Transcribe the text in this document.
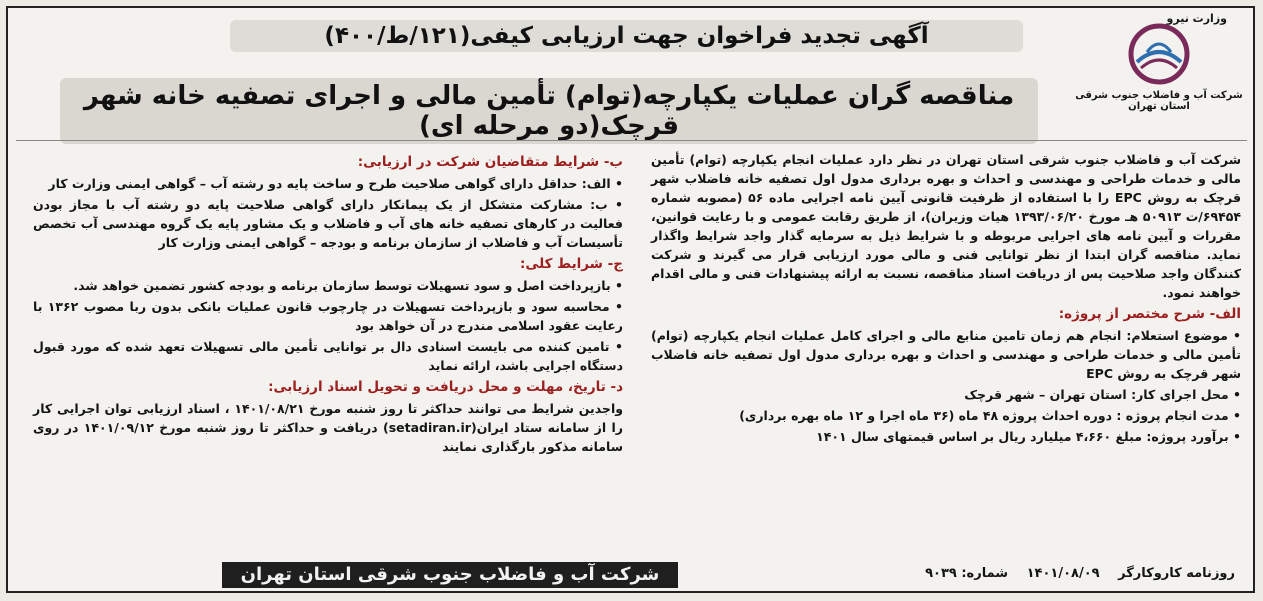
وزارت نیرو
شرکت آب و فاضلاب جنوب شرقی استان تهران
آگهی تجدید فراخوان جهت ارزیابی کیفی(۱۲۱/ط/۴۰۰)
مناقصه گران عملیات یکپارچه(توام) تأمین مالی و اجرای تصفیه خانه شهر قرچک(دو مرحله ای)

شرکت آب و فاضلاب جنوب شرقی استان تهران در نظر دارد عملیات انجام یکپارچه (توام) تأمین مالی و خدمات طراحی و مهندسی و احداث و بهره برداری مدول اول تصفیه خانه فاضلاب شهر قرچک به روش EPC را با استفاده از ظرفیت قانونی آیین نامه اجرایی ماده ۵۶ (مصوبه شماره ۶۹۴۵۴/ت ۵۰۹۱۳ هـ مورخ ۱۳۹۳/۰۶/۲۰ هیات وزیران)، از طریق رقابت عمومی و با رعایت قوانین، مقررات و آیین نامه های اجرایی مربوطه و با شرایط ذیل به سرمایه گذار واجد شرایط واگذار نماید. مناقصه گران ابتدا از نظر توانایی فنی و مالی مورد ارزیابی قرار می گیرند و شرکت کنندگان واجد صلاحیت پس از دریافت اسناد مناقصه، نسبت به ارائه پیشنهادات فنی و مالی اقدام خواهند نمود.

الف- شرح مختصر از پروژه:

• موضوع استعلام: انجام هم زمان تامین منابع مالی و اجرای کامل عملیات انجام یکپارچه (توام) تأمین مالی و خدمات طراحی و مهندسی و احداث و بهره برداری مدول اول تصفیه خانه فاضلاب شهر قرچک به روش EPC

• محل اجرای کار: استان تهران – شهر قرچک

• مدت انجام پروژه : دوره احداث پروژه ۴۸ ماه (۳۶ ماه اجرا و ۱۲ ماه بهره برداری)

• برآورد پروژه: مبلغ ۴،۶۶۰ میلیارد ریال بر اساس قیمتهای سال ۱۴۰۱

ب- شرایط متقاضیان شرکت در ارزیابی:

• الف: حداقل دارای گواهی صلاحیت طرح و ساخت پایه دو رشته آب – گواهی ایمنی وزارت کار

• ب: مشارکت متشکل از یک پیمانکار دارای گواهی صلاحیت پایه دو رشته آب با مجاز بودن فعالیت در کارهای تصفیه خانه های آب و فاضلاب و یک مشاور پایه یک گروه مهندسی آب تخصص تأسیسات آب و فاضلاب از سازمان برنامه و بودجه – گواهی ایمنی وزارت کار

ج- شرایط کلی:

• بازپرداخت اصل و سود تسهیلات توسط سازمان برنامه و بودجه کشور تضمین خواهد شد.

• محاسبه سود و بازپرداخت تسهیلات در چارچوب قانون عملیات بانکی بدون ربا مصوب ۱۳۶۲ با رعایت عقود اسلامی مندرج در آن خواهد بود

• تامین کننده می بایست اسنادی دال بر توانایی تأمین مالی تسهیلات تعهد شده که مورد قبول دستگاه اجرایی باشد، ارائه نماید

د- تاریخ، مهلت و محل دریافت و تحویل اسناد ارزیابی:

واجدین شرایط می توانند حداکثر تا روز شنبه مورخ ۱۴۰۱/۰۸/۲۱ ، اسناد ارزیابی توان اجرایی کار را از سامانه ستاد ایران(setadiran.ir) دریافت و حداکثر تا روز شنبه مورخ ۱۴۰۱/۰۹/۱۲ در روی سامانه مذکور بارگذاری نمایند

شرکت آب و فاضلاب جنوب شرقی استان تهران	روزنامه کاروکارگر ۱۴۰۱/۰۸/۰۹ شماره: ۹۰۳۹
